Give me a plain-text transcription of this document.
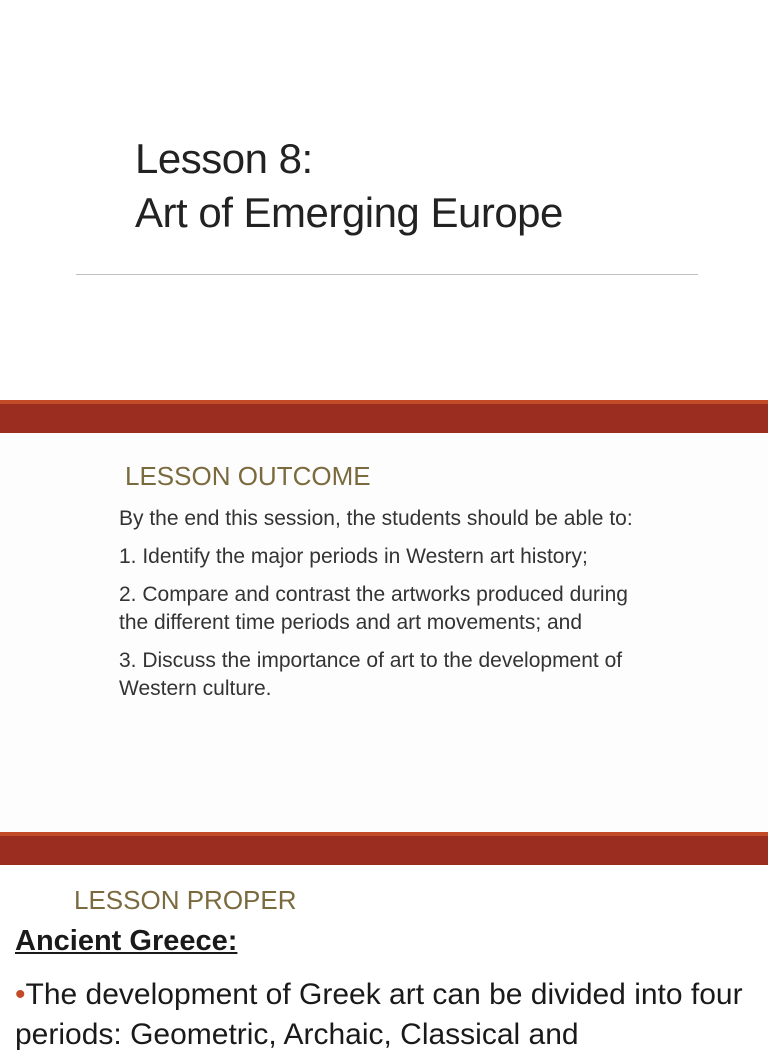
Lesson 8:
Art of Emerging Europe
LESSON OUTCOME
By the end this session, the students should be able to:
1. Identify the major periods in Western art history;
2. Compare and contrast the artworks produced during the different time periods and art movements; and
3. Discuss the importance of art to the development of Western culture.
LESSON PROPER
Ancient Greece:
•The development of Greek art can be divided into four periods: Geometric, Archaic, Classical and
